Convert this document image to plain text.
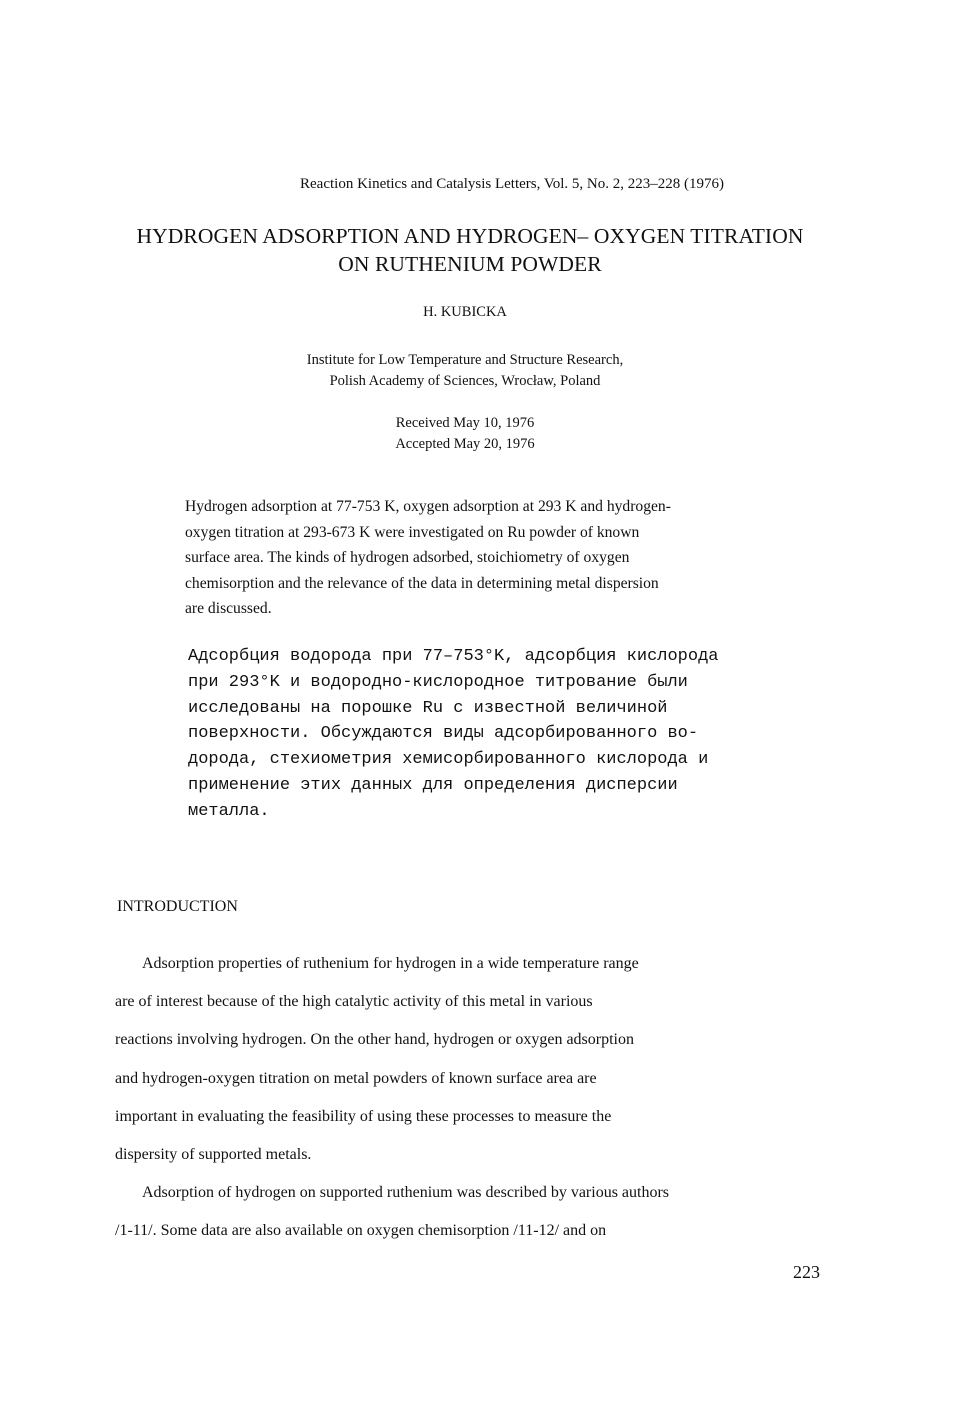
Reaction Kinetics and Catalysis Letters, Vol. 5, No. 2, 223–228 (1976)
HYDROGEN ADSORPTION AND HYDROGEN– OXYGEN TITRATION
ON RUTHENIUM POWDER
H. KUBICKA
Institute for Low Temperature and Structure Research,
Polish Academy of Sciences, Wrocław, Poland
Received May 10, 1976
Accepted May 20, 1976
Hydrogen adsorption at 77-753 K, oxygen adsorption at 293 K and hydrogen-
oxygen titration at 293-673 K were investigated on Ru powder of known
surface area. The kinds of hydrogen adsorbed, stoichiometry of oxygen
chemisorption and the relevance of the data in determining metal dispersion
are discussed.
Адсорбция водорода при 77–753°K, адсорбция кислорода
при 293°K и водородно-кислородное титрование были
исследованы на порошке Ru с известной величиной
поверхности. Обсуждаются виды адсорбированного во-
дорода, стехиометрия хемисорбированного кислорода и
применение этих данных для определения дисперсии
металла.
INTRODUCTION
Adsorption properties of ruthenium for hydrogen in a wide temperature range
are of interest because of the high catalytic activity of this metal in various
reactions involving hydrogen. On the other hand, hydrogen or oxygen adsorption
and hydrogen-oxygen titration on metal powders of known surface area are
important in evaluating the feasibility of using these processes to measure the
dispersity of supported metals.
Adsorption of hydrogen on supported ruthenium was described by various authors
/1-11/. Some data are also available on oxygen chemisorption /11-12/ and on
223
